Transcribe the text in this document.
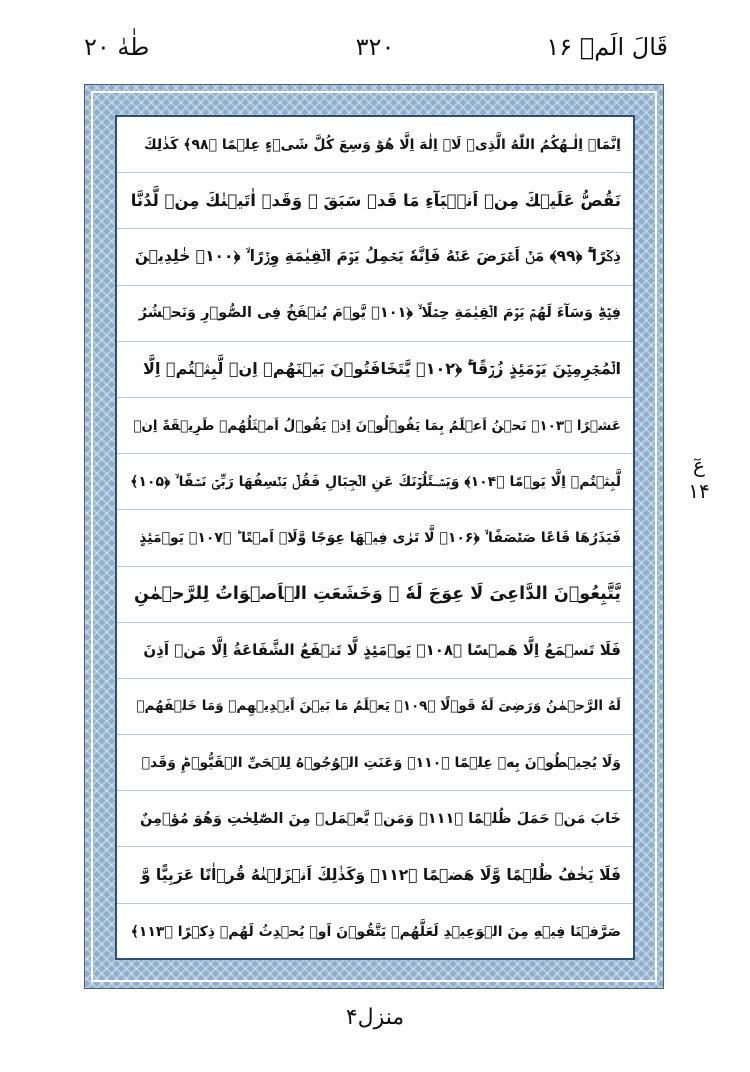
قَالَ الَمۡ ۱۶
۳۲۰
طٰهٰ ۲۰
اِنَّمَاۤ اِلٰـهُكُمُ اللّٰهُ الَّذِىۡ لَاۤ اِلٰهَ اِلَّا هُوَ‌ؕ وَسِعَ كُلَّ شَىۡءٍ عِلۡمًا ﴿۹۸﴾ كَذٰلِكَ
نَقُصُّ عَلَيۡكَ مِنۡ اَنۡۢبَآءِ مَا قَدۡ سَبَقَ‌ ۚ وَقَدۡ اٰتَيۡنٰكَ مِنۡ لَّدُنَّا
ذِكۡرًا ۖۚ ﴿۹۹﴾ مَنۡ اَعۡرَضَ عَنۡهُ فَاِنَّهٗ يَحۡمِلُ يَوۡمَ الۡقِيٰمَةِ وِزۡرًا ۙ ﴿۱۰۰﴾ خٰلِدِيۡنَ
فِيۡهِ‌ؕ وَسَآءَ لَهُمۡ يَوۡمَ الۡقِيٰمَةِ حِمۡلًا ۙ ﴿۱۰۱﴾ يَّوۡمَ يُنۡفَخُ فِى الصُّوۡرِ وَنَحۡشُرُ
الۡمُجۡرِمِيۡنَ يَوۡمَئِذٍ زُرۡقًا ۖۚ ﴿۱۰۲﴾ يَّتَخَافَتُوۡنَ بَيۡنَهُمۡ اِنۡ لَّبِثۡتُمۡ اِلَّا
عَشۡرًا ﴿۱۰۳﴾ نَحۡنُ اَعۡلَمُ بِمَا يَقُوۡلُوۡنَ اِذۡ يَقُوۡلُ اَمۡثَلُهُمۡ طَرِيۡقَةً اِنۡ
لَّبِثۡتُمۡ اِلَّا يَوۡمًا ﴿۱۰۴﴾ وَيَسۡـئَلُوۡنَكَ عَنِ الۡجِبَالِ فَقُلۡ يَنۡسِفُهَا رَبِّىۡ نَسۡفًا ۙ ﴿۱۰۵﴾
فَيَذَرُهَا قَاعًا صَفۡصَفًا ۙ ﴿۱۰۶﴾ لَّا تَرٰى فِيۡهَا عِوَجًا وَّلَاۤ اَمۡتًا ؕ ﴿۱۰۷﴾ يَوۡمَئِذٍ
يَّتَّبِعُوۡنَ الدَّاعِىَ لَا عِوَجَ لَهٗ‌ ۚ وَخَشَعَتِ الۡاَصۡوَاتُ لِلرَّحۡمٰنِ
فَلَا تَسۡمَعُ اِلَّا هَمۡسًا ﴿۱۰۸﴾ يَوۡمَئِذٍ لَّا تَنۡفَعُ الشَّفَاعَةُ اِلَّا مَنۡ اَذِنَ
لَهُ الرَّحۡمٰنُ وَرَضِىَ لَهٗ قَوۡلًا ﴿۱۰۹﴾ يَعۡلَمُ مَا بَيۡنَ اَيۡدِيۡهِمۡ وَمَا خَلۡفَهُمۡ
وَلَا يُحِيۡطُوۡنَ بِهٖ عِلۡمًا ﴿۱۱۰﴾ وَعَنَتِ الۡوُجُوۡهُ لِلۡحَىِّ الۡقَيُّوۡمِ‌ؕ وَقَدۡ
خَابَ مَنۡ حَمَلَ ظُلۡمًا ﴿۱۱۱﴾ وَمَنۡ يَّعۡمَلۡ مِنَ الصّٰلِحٰتِ وَهُوَ مُؤۡمِنٌ
فَلَا يَخٰفُ ظُلۡمًا وَّلَا هَضۡمًا ﴿۱۱۲﴾ وَكَذٰلِكَ اَنۡزَلۡنٰهُ قُرۡاٰنًا عَرَبِيًّا وَّ
صَرَّفۡنَا فِيۡهِ مِنَ الۡوَعِيۡدِ لَعَلَّهُمۡ يَتَّقُوۡنَ اَوۡ يُحۡدِثُ لَهُمۡ ذِكۡرًا ﴿۱۱۳﴾
عٓ ۱۴
منزل۴
